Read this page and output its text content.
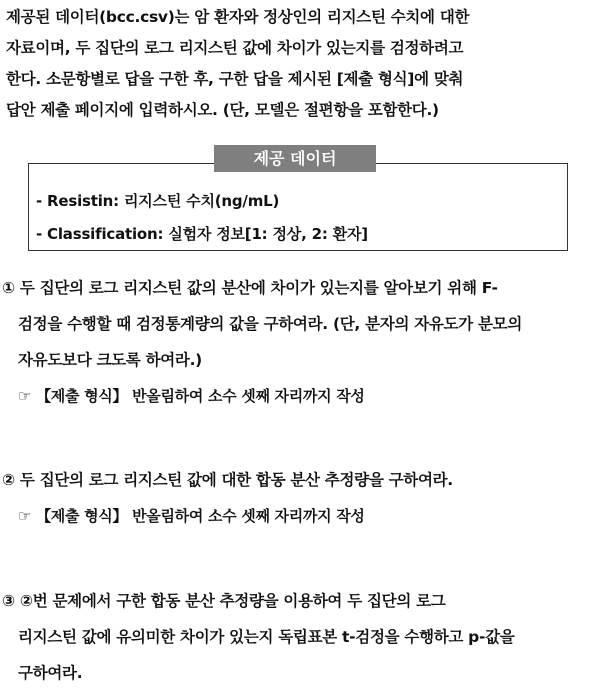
제공된 데이터(bcc.csv)는 암 환자와 정상인의 리지스틴 수치에 대한
자료이며, 두 집단의 로그 리지스틴 값에 차이가 있는지를 검정하려고
한다. 소문항별로 답을 구한 후, 구한 답을 제시된 [제출 형식]에 맞춰
답안 제출 페이지에 입력하시오. (단, 모델은 절편항을 포함한다.)
제공 데이터
- Resistin: 리지스틴 수치(ng/mL)
- Classification: 실험자 정보[1: 정상, 2: 환자]
① 두 집단의 로그 리지스틴 값의 분산에 차이가 있는지를 알아보기 위해 F-
검정을 수행할 때 검정통계량의 값을 구하여라. (단, 분자의 자유도가 분모의
자유도보다 크도록 하여라.)
☞ 【제출 형식】 반올림하여 소수 셋째 자리까지 작성
② 두 집단의 로그 리지스틴 값에 대한 합동 분산 추정량을 구하여라.
☞ 【제출 형식】 반올림하여 소수 셋째 자리까지 작성
③ ②번 문제에서 구한 합동 분산 추정량을 이용하여 두 집단의 로그
리지스틴 값에 유의미한 차이가 있는지 독립표본 t-검정을 수행하고 p-값을
구하여라.
